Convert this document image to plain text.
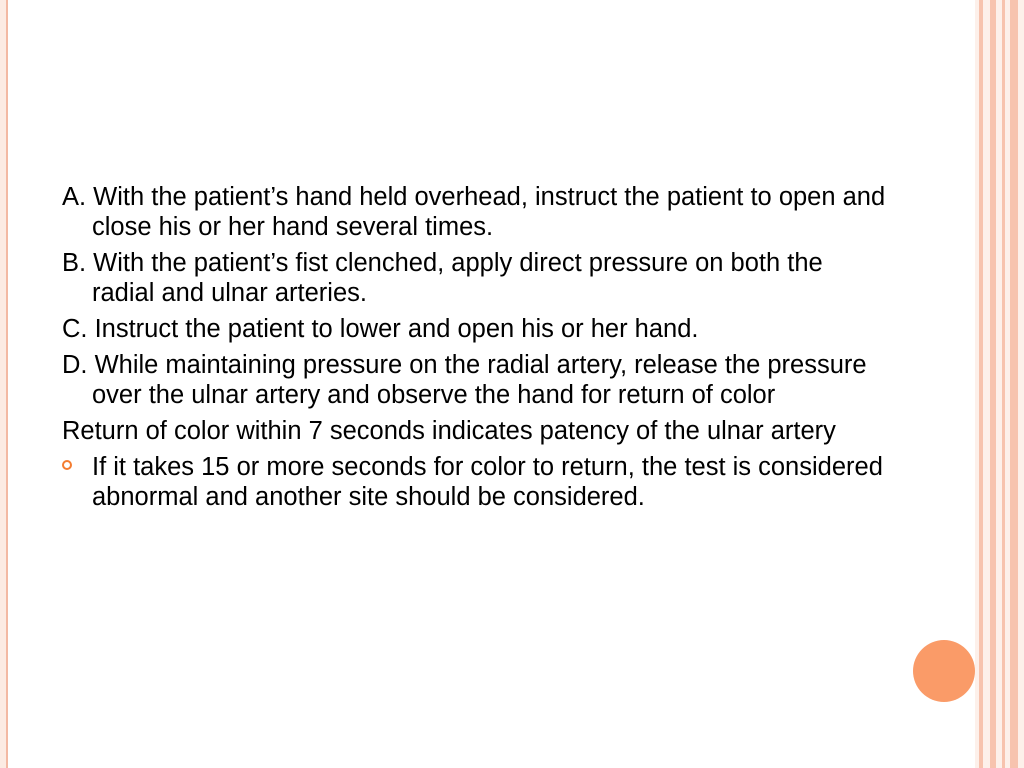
A. With the patient’s hand held overhead, instruct the patient to open and close his or her hand several times.

B. With the patient’s fist clenched, apply direct pressure on both the radial and ulnar arteries.

C. Instruct the patient to lower and open his or her hand.

D. While maintaining pressure on the radial artery, release the pressure over the ulnar artery and observe the hand for return of color

Return of color within 7 seconds indicates patency of the ulnar artery

If it takes 15 or more seconds for color to return, the test is considered abnormal and another site should be considered.
